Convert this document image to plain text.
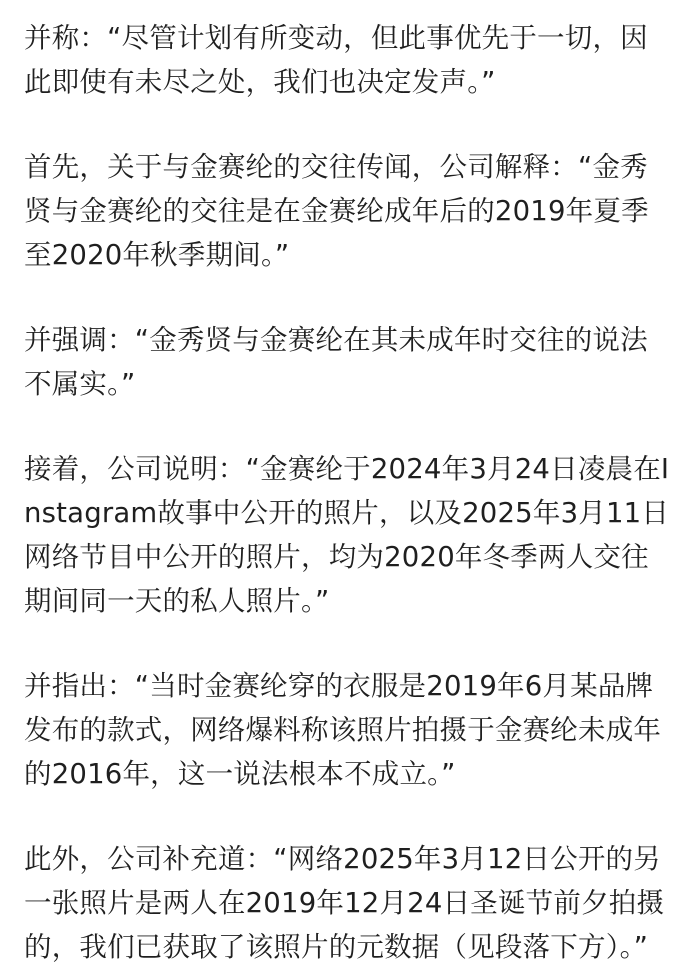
并称：“尽管计划有所变动，但此事优先于一切，因此即使有未尽之处，我们也决定发声。”

首先，关于与金赛纶的交往传闻，公司解释：“金秀贤与金赛纶的交往是在金赛纶成年后的2019年夏季至2020年秋季期间。”

并强调：“金秀贤与金赛纶在其未成年时交往的说法不属实。”

接着，公司说明：“金赛纶于2024年3月24日凌晨在Instagram故事中公开的照片，以及2025年3月11日网络节目中公开的照片，均为2020年冬季两人交往期间同一天的私人照片。”

并指出：“当时金赛纶穿的衣服是2019年6月某品牌发布的款式，网络爆料称该照片拍摄于金赛纶未成年的2016年，这一说法根本不成立。”

此外，公司补充道：“网络2025年3月12日公开的另一张照片是两人在2019年12月24日圣诞节前夕拍摄的，我们已获取了该照片的元数据（见段落下方）。”
